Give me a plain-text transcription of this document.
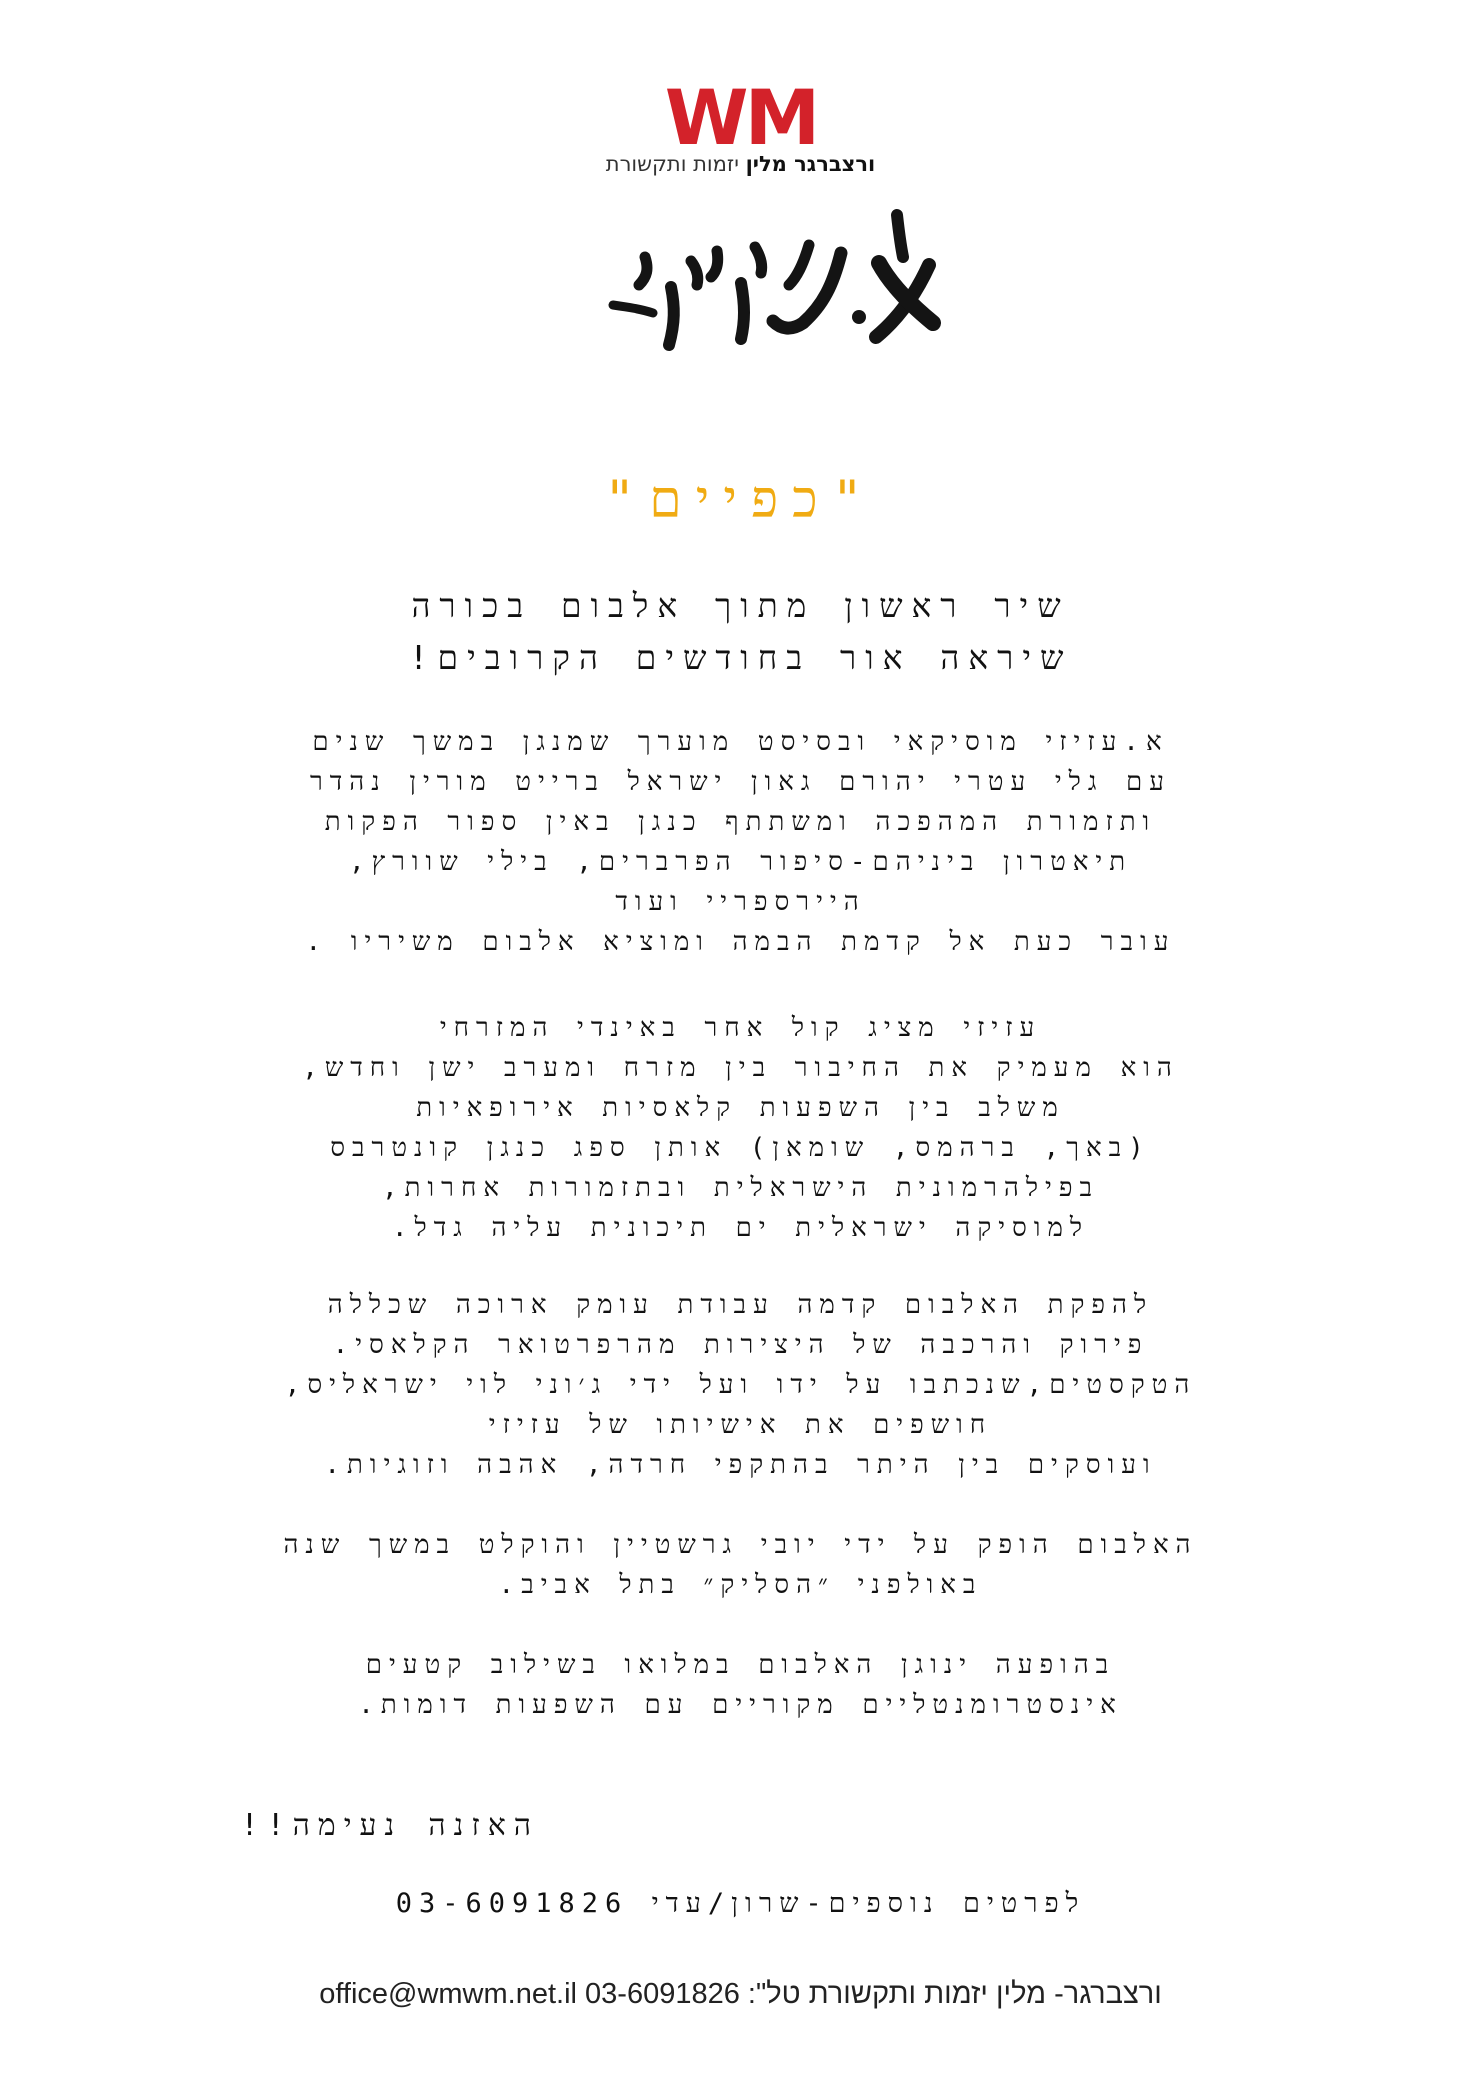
WM
ורצברגר מלין יזמות ותקשורת
"כפיים"
שיר ראשון מתוך אלבום בכורה
שיראה אור בחודשים הקרובים!
א.עזיזי מוסיקאי ובסיסט מוערך שמנגן במשך שנים
עם גלי עטרי יהורם גאון ישראל ברייט מורין נהדר
ותזמורת המהפכה ומשתתף כנגן באין ספור הפקות
תיאטרון ביניהם-סיפור הפרברים, בילי שוורץ,
היירספריי ועוד
עובר כעת אל קדמת הבמה ומוציא אלבום משיריו .
עזיזי מציג קול אחר באינדי המזרחי
הוא מעמיק את החיבור בין מזרח ומערב ישן וחדש,
משלב בין השפעות קלאסיות אירופאיות
(באך, ברהמס, שומאן) אותן ספג כנגן קונטרבס
בפילהרמונית הישראלית ובתזמורות אחרות,
למוסיקה ישראלית ים תיכונית עליה גדל.
להפקת האלבום קדמה עבודת עומק ארוכה שכללה
פירוק והרכבה של היצירות מהרפרטואר הקלאסי.
הטקסטים,שנכתבו על ידו ועל ידי ג׳וני לוי ישראליס,
חושפים את אישיותו של עזיזי
ועוסקים בין היתר בהתקפי חרדה, אהבה וזוגיות.
האלבום הופק על ידי יובי גרשטיין והוקלט במשך שנה
באולפני ״הסליק״ בתל אביב.
בהופעה ינוגן האלבום במלואו בשילוב קטעים
אינסטרומנטליים מקוריים עם השפעות דומות.
האזנה נעימה!!
לפרטים נוספים-שרון/עדי 03-6091826
ורצברגר- מלין יזמות ותקשורת טל": 03-6091826 office@wmwm.net.il
